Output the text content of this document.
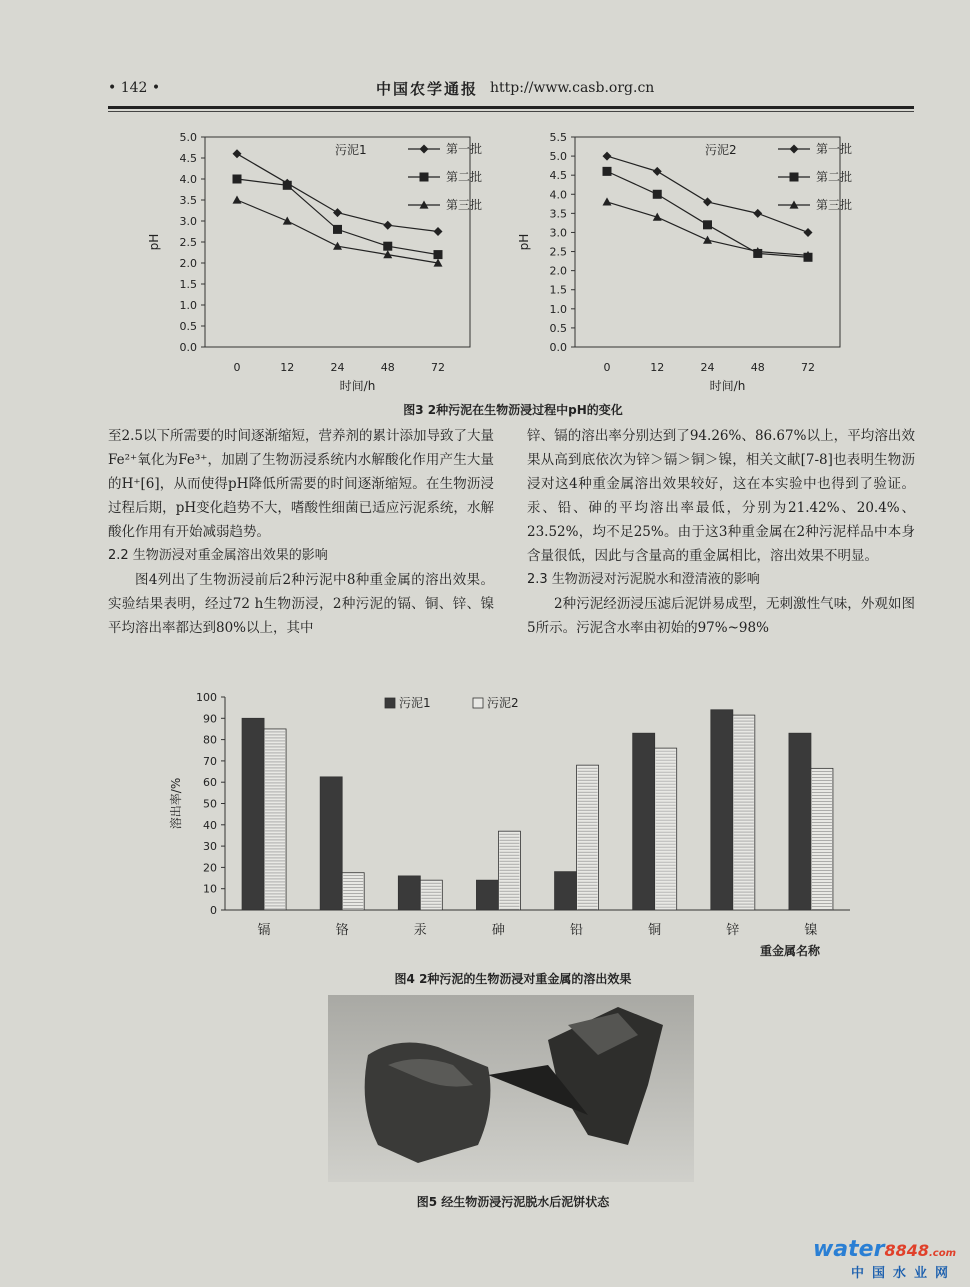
• 142 •	中国农学通报 http://www.casb.org.cn
0.0
0.5
1.0
1.5
2.0
2.5
3.0
3.5
4.0
4.5
5.0
0	12	24	48	72
时间/h
pH
污泥1	第一批
第二批
第三批
0.0
0.5
1.0
1.5
2.0
2.5
3.0
3.5
4.0
4.5
5.0
5.5
0	12	24	48	72
时间/h
pH
污泥2	第一批
第二批
第三批
图3 2种污泥在生物沥浸过程中pH的变化

至2.5以下所需要的时间逐渐缩短，营养剂的累计添加导致了大量Fe²⁺氧化为Fe³⁺，加剧了生物沥浸系统内水解酸化作用产生大量的H⁺[6]，从而使得pH降低所需要的时间逐渐缩短。在生物沥浸过程后期，pH变化趋势不大，嗜酸性细菌已适应污泥系统，水解酸化作用有开始减弱趋势。

2.2 生物沥浸对重金属溶出效果的影响

图4列出了生物沥浸前后2种污泥中8种重金属的溶出效果。实验结果表明，经过72 h生物沥浸，2种污泥的镉、铜、锌、镍平均溶出率都达到80%以上，其中

锌、镉的溶出率分别达到了94.26%、86.67%以上，平均溶出效果从高到底依次为锌＞镉＞铜＞镍，相关文献[7-8]也表明生物沥浸对这4种重金属溶出效果较好，这在本实验中也得到了验证。汞、铅、砷的平均溶出率最低，分别为21.42%、20.4%、23.52%，均不足25%。由于这3种重金属在2种污泥样品中本身含量很低，因此与含量高的重金属相比，溶出效果不明显。

2.3 生物沥浸对污泥脱水和澄清液的影响

2种污泥经沥浸压滤后泥饼易成型，无刺激性气味，外观如图5所示。污泥含水率由初始的97%~98%

0
10
20
30
40
50
60
70
80
90
100
镉	铬	汞	砷	铅	铜	锌	镍
重金属名称
溶出率/%
污泥1	污泥2
图4 2种污泥的生物沥浸对重金属的溶出效果
图5 经生物沥浸污泥脱水后泥饼状态
water8848.com
中国水业网
